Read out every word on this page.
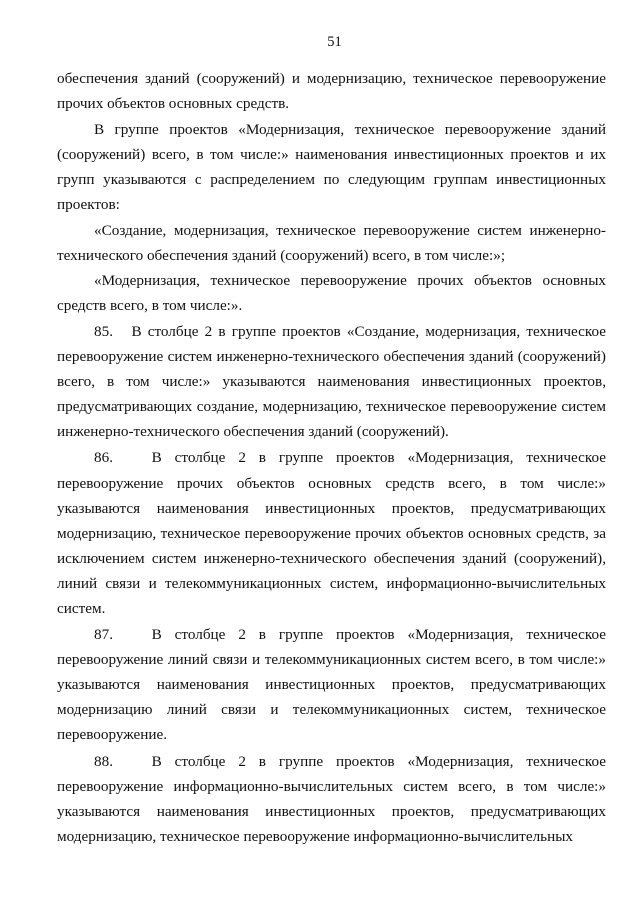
51

обеспечения зданий (сооружений) и модернизацию, техническое перевооружение прочих объектов основных средств.

В группе проектов «Модернизация, техническое перевооружение зданий (сооружений) всего, в том числе:» наименования инвестиционных проектов и их групп указываются с распределением по следующим группам инвестиционных проектов:

«Создание, модернизация, техническое перевооружение систем инженерно-технического обеспечения зданий (сооружений) всего, в том числе:»;

«Модернизация, техническое перевооружение прочих объектов основных средств всего, в том числе:».

85.   В столбце 2 в группе проектов «Создание, модернизация, техническое перевооружение систем инженерно-технического обеспечения зданий (сооружений) всего, в том числе:» указываются наименования инвестиционных проектов, предусматривающих создание, модернизацию, техническое перевооружение систем инженерно-технического обеспечения зданий (сооружений).

86.   В столбце 2 в группе проектов «Модернизация, техническое перевооружение прочих объектов основных средств всего, в том числе:» указываются наименования инвестиционных проектов, предусматривающих модернизацию, техническое перевооружение прочих объектов основных средств, за исключением систем инженерно-технического обеспечения зданий (сооружений), линий связи и телекоммуникационных систем, информационно-вычислительных систем.

87.   В столбце 2 в группе проектов «Модернизация, техническое перевооружение линий связи и телекоммуникационных систем всего, в том числе:» указываются наименования инвестиционных проектов, предусматривающих модернизацию линий связи и телекоммуникационных систем, техническое перевооружение.

88.   В столбце 2 в группе проектов «Модернизация, техническое перевооружение информационно-вычислительных систем всего, в том числе:» указываются наименования инвестиционных проектов, предусматривающих модернизацию, техническое перевооружение информационно-вычислительных
